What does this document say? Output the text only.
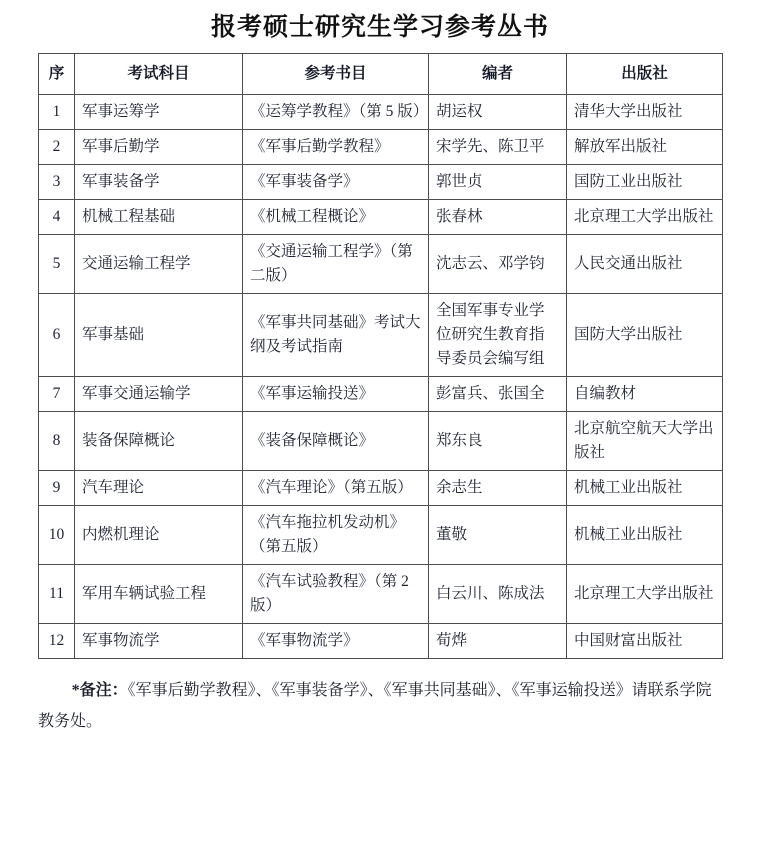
报考硕士研究生学习参考丛书
序	考试科目	参考书目	编者	出版社
1	军事运筹学	《运筹学教程》（第 5 版）	胡运权	清华大学出版社
2	军事后勤学	《军事后勤学教程》	宋学先、陈卫平	解放军出版社
3	军事装备学	《军事装备学》	郭世贞	国防工业出版社
4	机械工程基础	《机械工程概论》	张春林	北京理工大学出版社
5	交通运输工程学	《交通运输工程学》（第二版）	沈志云、邓学钧	人民交通出版社
6	军事基础	《军事共同基础》考试大纲及考试指南	全国军事专业学位研究生教育指导委员会编写组	国防大学出版社
7	军事交通运输学	《军事运输投送》	彭富兵、张国全	自编教材
8	装备保障概论	《装备保障概论》	郑东良	北京航空航天大学出版社
9	汽车理论	《汽车理论》（第五版）	余志生	机械工业出版社
10	内燃机理论	《汽车拖拉机发动机》（第五版）	董敬	机械工业出版社
11	军用车辆试验工程	《汽车试验教程》（第 2 版）	白云川、陈成法	北京理工大学出版社
12	军事物流学	《军事物流学》	荀烨	中国财富出版社

*备注：《军事后勤学教程》、《军事装备学》、《军事共同基础》、《军事运输投送》请联系学院教务处。
